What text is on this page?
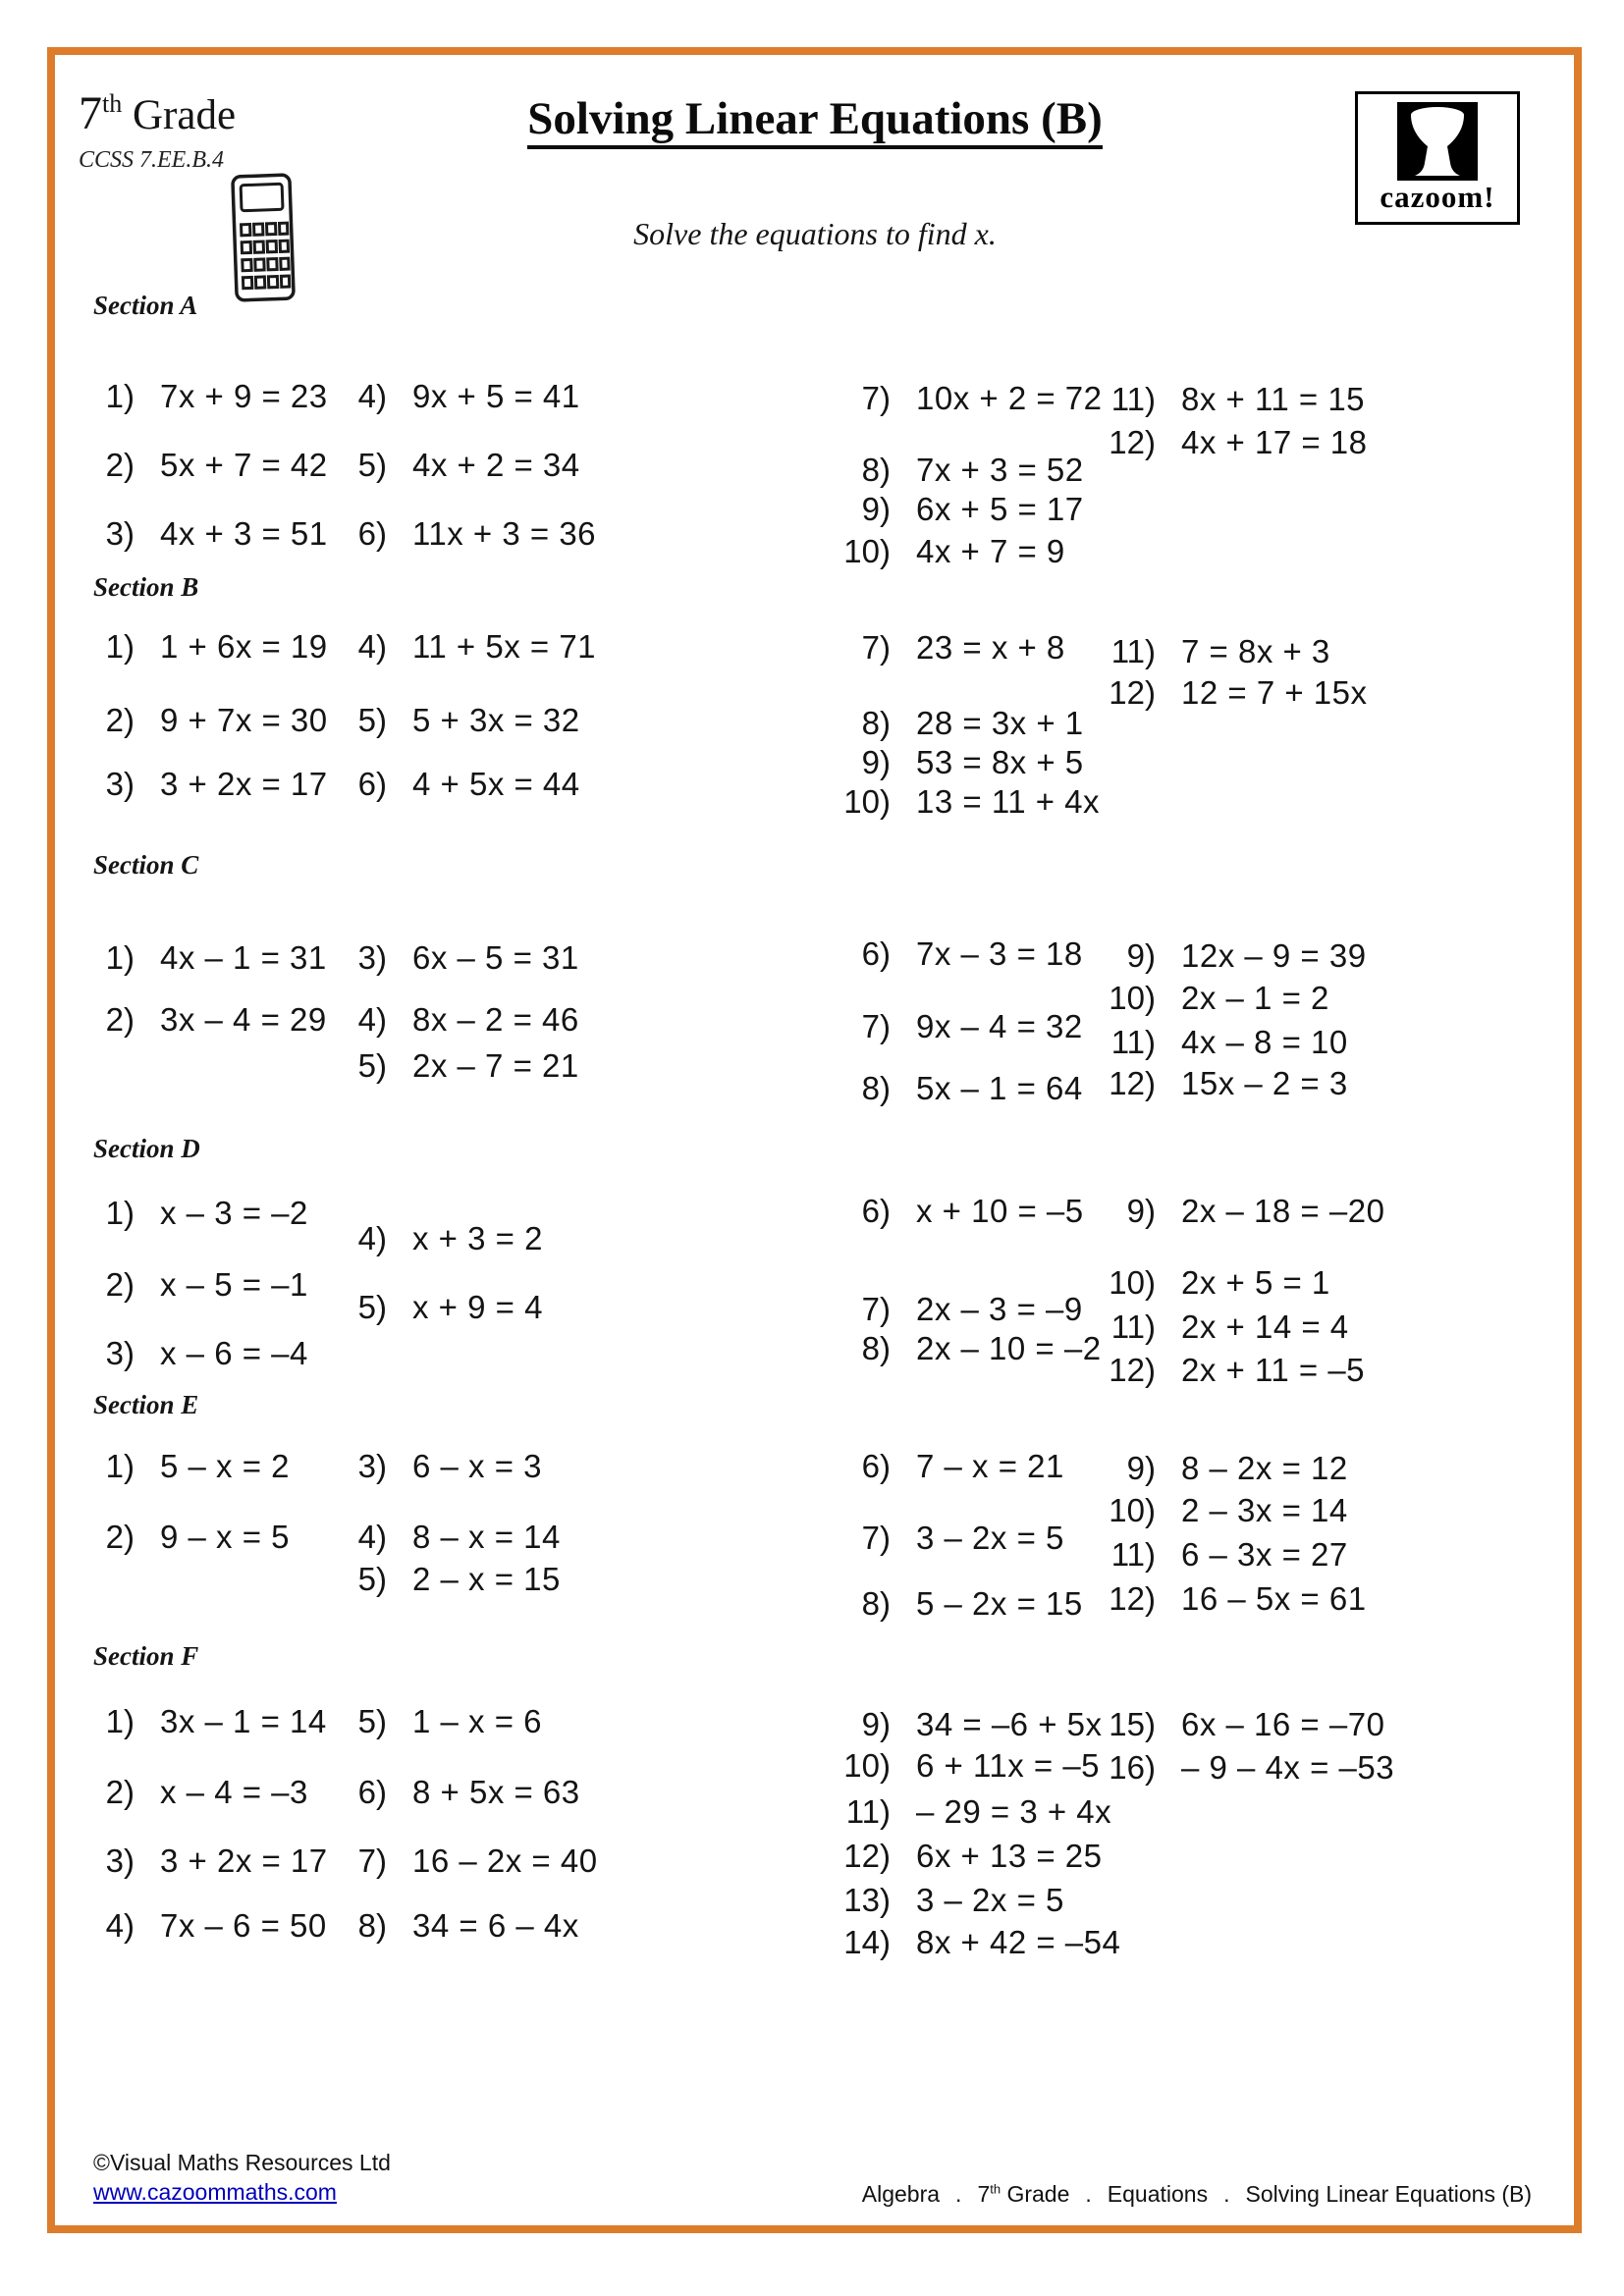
7th Grade
CCSS 7.EE.B.4
Solving Linear Equations (B)
Solve the equations to find x.
cazoom!
Section A
Section B
Section C
Section D
Section E
Section F
1) 7x + 9 = 23
2) 5x + 7 = 42
3) 4x + 3 = 51
4) 9x + 5 = 41
5) 4x + 2 = 34
6) 11x + 3 = 36
7) 10x + 2 = 72
8) 7x + 3 = 52
9) 6x + 5 = 17
10) 4x + 7 = 9
11) 8x + 11 = 15
12) 4x + 17 = 18
1) 1 + 6x = 19
2) 9 + 7x = 30
3) 3 + 2x = 17
4) 11 + 5x = 71
5) 5 + 3x = 32
6) 4 + 5x = 44
7) 23 = x + 8
8) 28 = 3x + 1
9) 53 = 8x + 5
10) 13 = 11 + 4x
11) 7 = 8x + 3
12) 12 = 7 + 15x
1) 4x – 1 = 31
2) 3x – 4 = 29
3) 6x – 5 = 31
4) 8x – 2 = 46
5) 2x – 7 = 21
6) 7x – 3 = 18
7) 9x – 4 = 32
8) 5x – 1 = 64
9) 12x – 9 = 39
10) 2x – 1 = 2
11) 4x – 8 = 10
12) 15x – 2 = 3
1) x – 3 = –2
2) x – 5 = –1
3) x – 6 = –4
4) x + 3 = 2
5) x + 9 = 4
6) x + 10 = –5
7) 2x – 3 = –9
8) 2x – 10 = –2
9) 2x – 18 = –20
10) 2x + 5 = 1
11) 2x + 14 = 4
12) 2x + 11 = –5
1) 5 – x = 2
2) 9 – x = 5
3) 6 – x = 3
4) 8 – x = 14
5) 2 – x = 15
6) 7 – x = 21
7) 3 – 2x = 5
8) 5 – 2x = 15
9) 8 – 2x = 12
10) 2 – 3x = 14
11) 6 – 3x = 27
12) 16 – 5x = 61
1) 3x – 1 = 14
2) x – 4 = –3
3) 3 + 2x = 17
4) 7x – 6 = 50
5) 1 – x = 6
6) 8 + 5x = 63
7) 16 – 2x = 40
8) 34 = 6 – 4x
9) 34 = –6 + 5x
10) 6 + 11x = –5
11) – 29 = 3 + 4x
12) 6x + 13 = 25
13) 3 – 2x = 5
14) 8x + 42 = –54
15) 6x – 16 = –70
16) – 9 – 4x = –53
©Visual Maths Resources Ltd
www.cazoommaths.com	Algebra . 7th Grade . Equations . Solving Linear Equations (B)
